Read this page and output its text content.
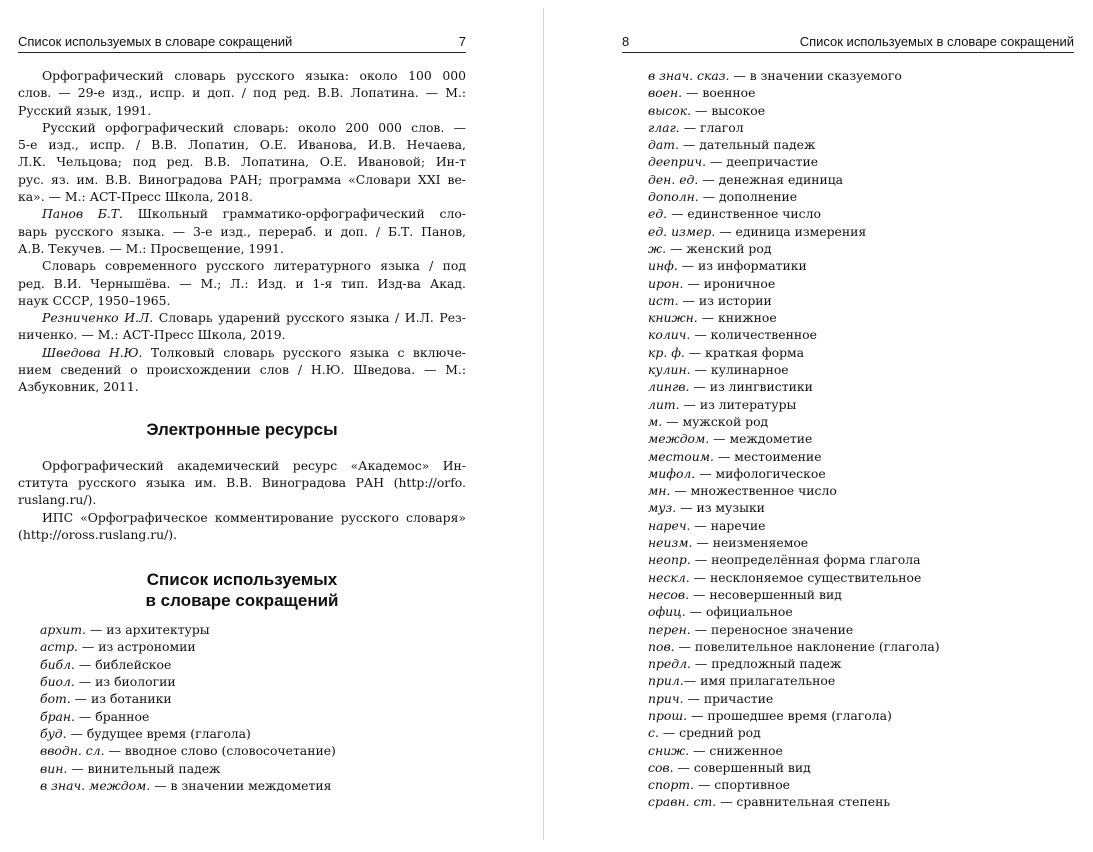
Список используемых в словаре сокращений	7
Орфографический словарь русского языка: около 100 000
слов. — 29-е изд., испр. и доп. / под ред. В.В. Лопатина. — М.:
Русский язык, 1991.
Русский орфографический словарь: около 200 000 слов. —
5-е изд., испр. / В.В. Лопатин, О.Е. Иванова, И.В. Нечаева,
Л.К. Чельцова; под ред. В.В. Лопатина, О.Е. Ивановой; Ин-т
рус. яз. им. В.В. Виноградова РАН; программа «Словари XXI ве-
ка». — М.: АСТ-Пресс Школа, 2018.
Панов Б.Т. Школьный грамматико-орфографический сло-
варь русского языка. — 3-е изд., перераб. и доп. / Б.Т. Панов,
А.В. Текучев. — М.: Просвещение, 1991.
Словарь современного русского литературного языка / под
ред. В.И. Чернышёва. — М.; Л.: Изд. и 1-я тип. Изд-ва Акад.
наук СССР, 1950–1965.
Резниченко И.Л. Словарь ударений русского языка / И.Л. Рез-
ниченко. — М.: АСТ-Пресс Школа, 2019.
Шведова Н.Ю. Толковый словарь русского языка с включе-
нием сведений о происхождении слов / Н.Ю. Шведова. — М.:
Азбуковник, 2011.
Электронные ресурсы
Орфографический академический ресурс «Академос» Ин-
ститута русского языка им. В.В. Виноградова РАН (http://orfo.
ruslang.ru/).
ИПС «Орфографическое комментирование русского словаря»
(http://oross.ruslang.ru/).
Список используемых
в словаре сокращений
архит. — из архитектуры
астр. — из астрономии
библ. — библейское
биол. — из биологии
бот. — из ботаники
бран. — бранное
буд. — будущее время (глагола)
вводн. сл. — вводное слово (словосочетание)
вин. — винительный падеж
в знач. междом. — в значении междометия
8	Список используемых в словаре сокращений
в знач. сказ. — в значении сказуемого
воен. — военное
высок. — высокое
глаг. — глагол
дат. — дательный падеж
дееприч. — деепричастие
ден. ед. — денежная единица
дополн. — дополнение
ед. — единственное число
ед. измер. — единица измерения
ж. — женский род
инф. — из информатики
ирон. — ироничное
ист. — из истории
книжн. — книжное
колич. — количественное
кр. ф. — краткая форма
кулин. — кулинарное
лингв. — из лингвистики
лит. — из литературы
м. — мужской род
междом. — междометие
местоим. — местоимение
мифол. — мифологическое
мн. — множественное число
муз. — из музыки
нареч. — наречие
неизм. — неизменяемое
неопр. — неопределённая форма глагола
нескл. — несклоняемое существительное
несов. — несовершенный вид
офиц. — официальное
перен. — переносное значение
пов. — повелительное наклонение (глагола)
предл. — предложный падеж
прил.— имя прилагательное
прич. — причастие
прош. — прошедшее время (глагола)
с. — средний род
сниж. — сниженное
сов. — совершенный вид
спорт. — спортивное
сравн. ст. — сравнительная степень
